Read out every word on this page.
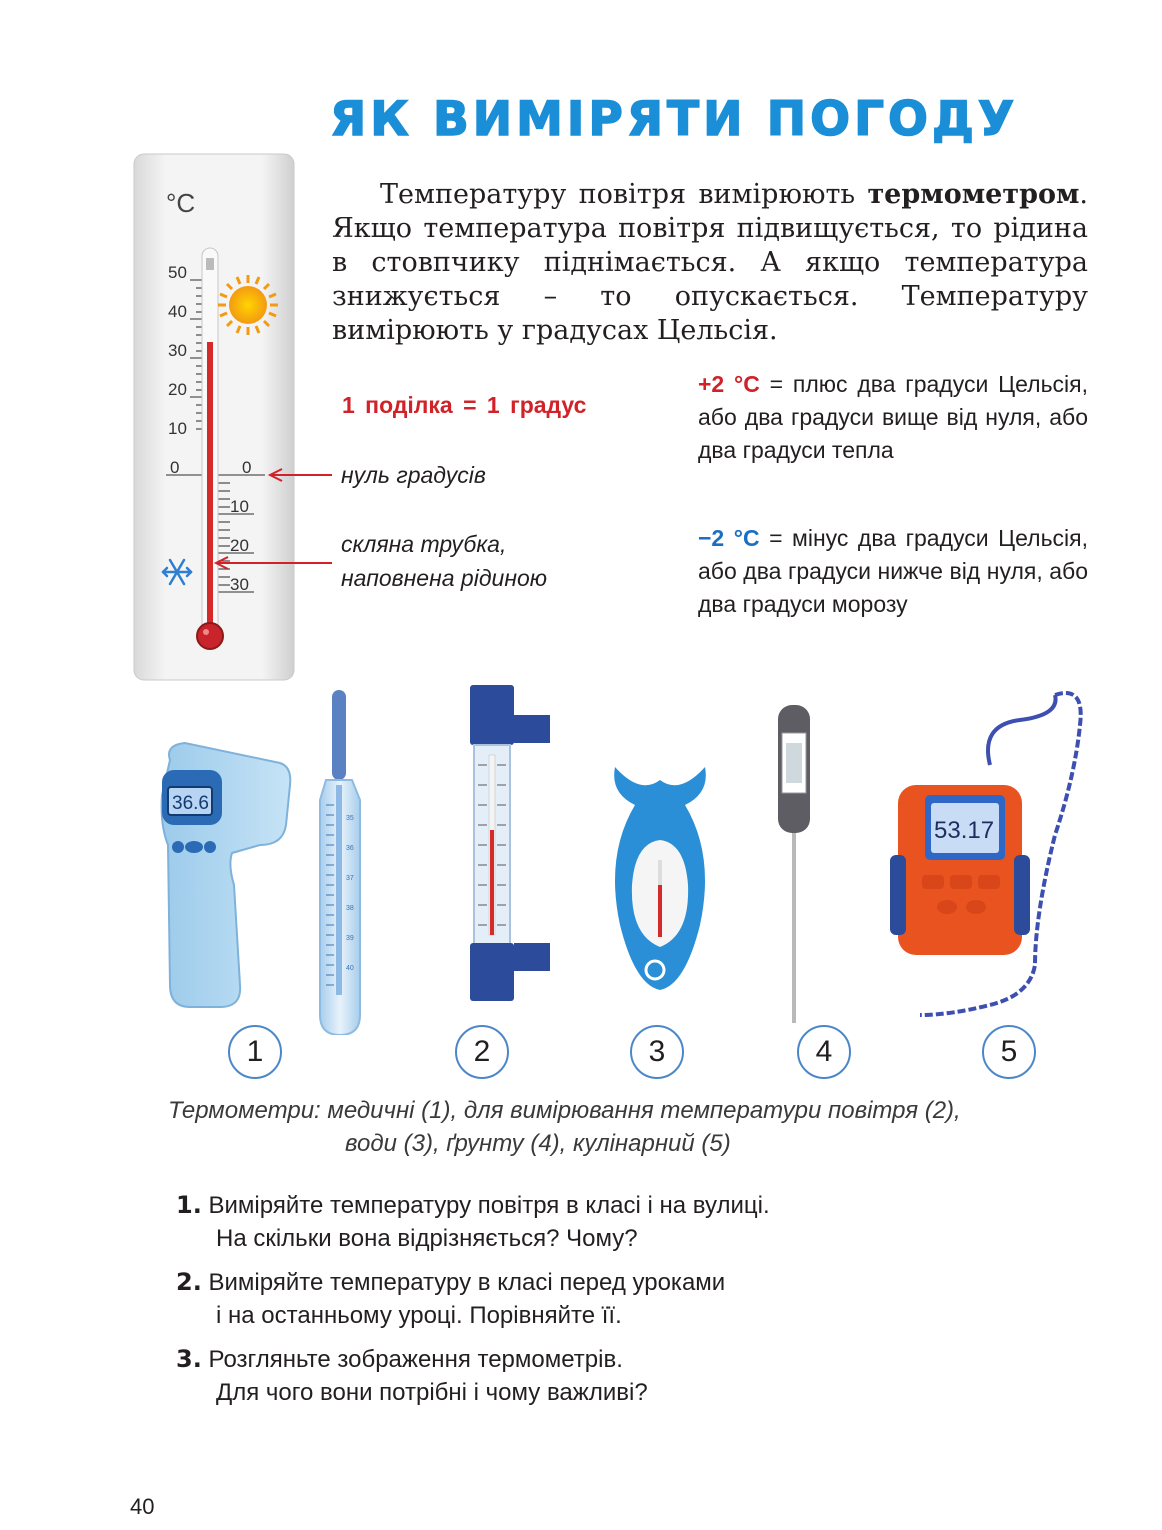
ЯК ВИМІРЯТИ ПОГОДУ
Температуру повітря вимірюють термометром. Якщо температура повітря підвищується, то рідина в стовпчику піднімається. А якщо температура знижується – то опускається. Температуру вимірюють у градусах Цельсія.
°C
50
40
30
20
10
0	0
10
20
30
1 поділка = 1 градус
нуль градусів
скляна трубка,
наповнена рідиною
+2 °C = плюс два градуси Цельсія, або два градуси вище від нуля, або два градуси тепла
−2 °C = мінус два градуси Цельсія, або два градуси нижче від нуля, або два градуси морозу
36.6
35
36
37
38
39
40
53.17
1	2	3	4	5
Термометри: медичні (1), для вимірювання температури повітря (2),
води (3), ґрунту (4), кулінарний (5)
1. Виміряйте температуру повітря в класі і на вулиці.
На скільки вона відрізняється? Чому?
2. Виміряйте температуру в класі перед уроками
і на останньому уроці. Порівняйте її.
3. Розгляньте зображення термометрів.
Для чого вони потрібні і чому важливі?
40
